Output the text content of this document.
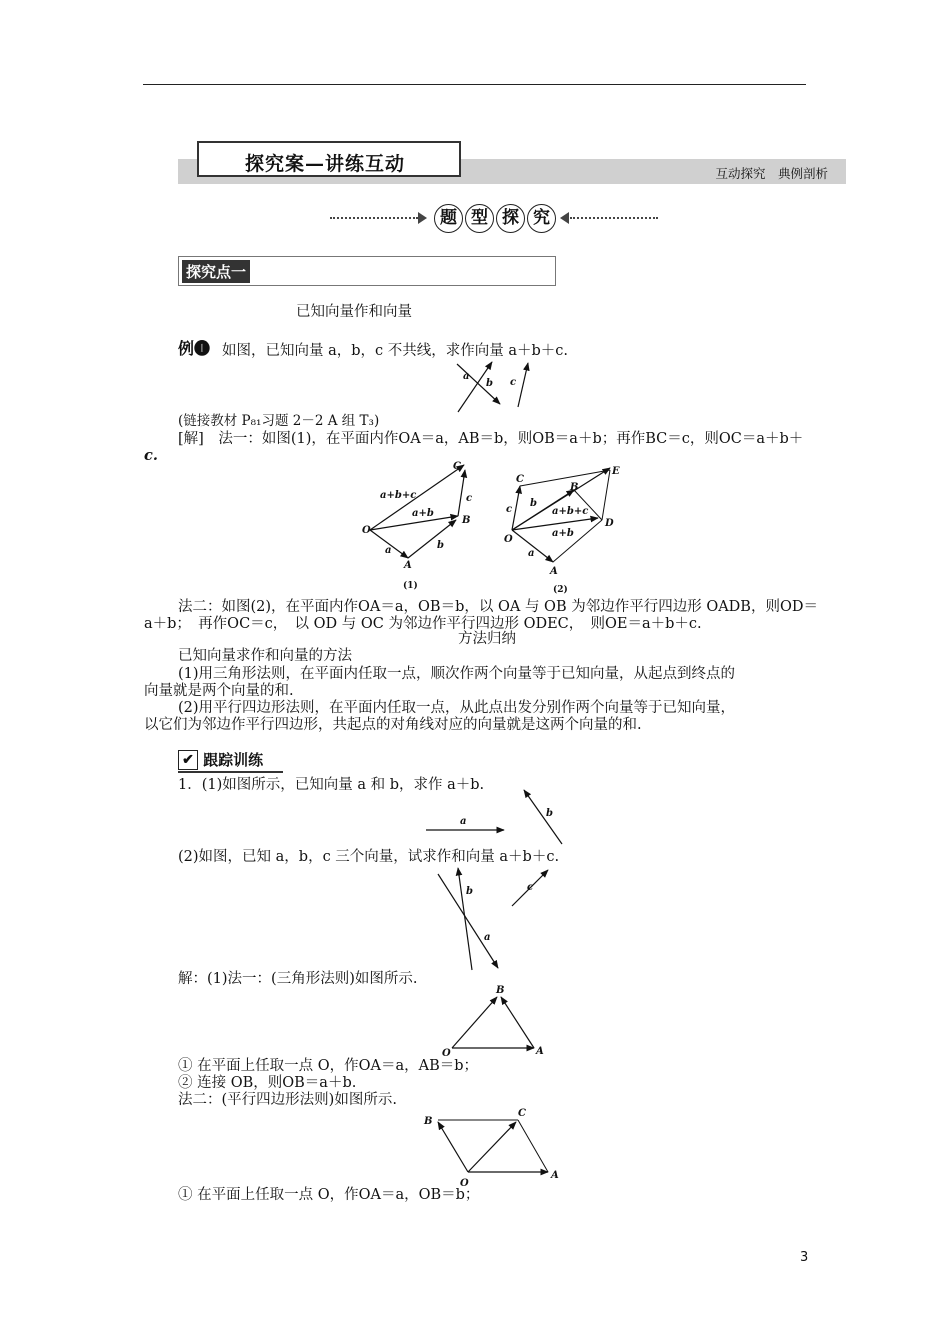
互动探究　典例剖析
探究案—讲练互动
题 型 探 究
探究点一
已知向量作和向量
例❶ 如图，已知向量 a，b，c 不共线，求作向量 a＋b＋c.
a
b c
(链接教材 P₈₁习题 2－2 A 组 T₃)
[解]　法一：如图(1)，在平面内作OA＝a，AB＝b，则OB＝a＋b；再作BC＝c，则OC＝a＋b＋
c.
a+b+c
a+b
a	b
c
C
B
O
A
(1)
C
B
E
b
c	a+b+c
a+b
D
O
a
A
(2)
法二：如图(2)，在平面内作OA＝a，OB＝b，以 OA 与 OB 为邻边作平行四边形 OADB，则OD＝
a＋b；　再作OC＝c，　以 OD 与 OC 为邻边作平行四边形 ODEC，　则OE＝a＋b＋c.
方法归纳
已知向量求作和向量的方法
(1)用三角形法则，在平面内任取一点，顺次作两个向量等于已知向量，从起点到终点的
向量就是两个向量的和.
(2)用平行四边形法则，在平面内任取一点，从此点出发分别作两个向量等于已知向量，
以它们为邻边作平行四边形，共起点的对角线对应的向量就是这两个向量的和.
✔ 跟踪训练
1．(1)如图所示，已知向量 a 和 b，求作 a＋b.
a
b
(2)如图，已知 a，b，c 三个向量，试求作和向量 a＋b＋c.
b
a
c
解：(1)法一：(三角形法则)如图所示.
B
O	A
① 在平面上任取一点 O，作OA＝a，AB＝b；
② 连接 OB，则OB＝a＋b.
法二：(平行四边形法则)如图所示.
B
C
O
A
① 在平面上任取一点 O，作OA＝a，OB＝b；
3
